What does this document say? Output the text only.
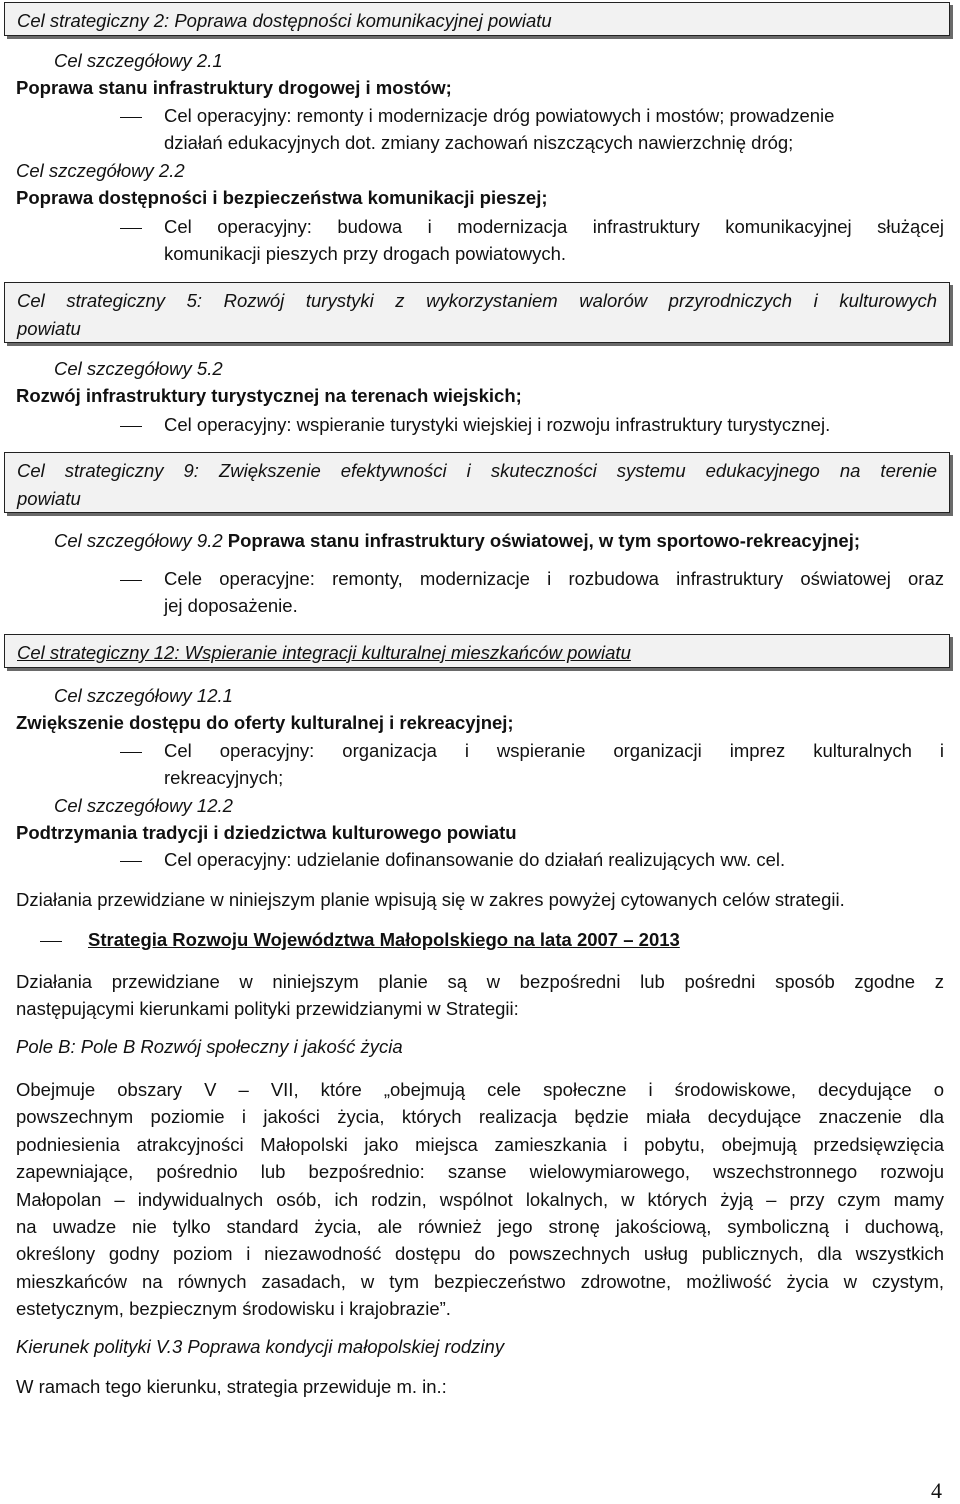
Cel strategiczny 2: Poprawa dostępności komunikacyjnej powiatu
Cel szczegółowy 2.1
Poprawa stanu infrastruktury drogowej i mostów;
Cel operacyjny: remonty i modernizacje dróg powiatowych i mostów; prowadzenie
działań edukacyjnych dot. zmiany zachowań niszczących nawierzchnię dróg;
Cel szczegółowy 2.2
Poprawa dostępności i bezpieczeństwa komunikacji pieszej;
Cel operacyjny: budowa i modernizacja infrastruktury komunikacyjnej służącej
komunikacji pieszych przy drogach powiatowych.

Cel strategiczny 5: Rozwój turystyki z wykorzystaniem walorów przyrodniczych i kulturowych

powiatu

Cel szczegółowy 5.2
Rozwój infrastruktury turystycznej na terenach wiejskich;
Cel operacyjny: wspieranie turystyki wiejskiej i rozwoju infrastruktury turystycznej.

Cel strategiczny 9: Zwiększenie efektywności i skuteczności systemu edukacyjnego na terenie

powiatu

Cel szczegółowy 9.2 Poprawa stanu infrastruktury oświatowej, w tym sportowo-rekreacyjnej;
Cele operacyjne: remonty, modernizacje i rozbudowa infrastruktury oświatowej oraz
jej doposażenie.
Cel strategiczny 12: Wspieranie integracji kulturalnej mieszkańców powiatu
Cel szczegółowy 12.1
Zwiększenie dostępu do oferty kulturalnej i rekreacyjnej;
Cel operacyjny: organizacja i wspieranie organizacji imprez kulturalnych i
rekreacyjnych;
Cel szczegółowy 12.2
Podtrzymania tradycji i dziedzictwa kulturowego powiatu
Cel operacyjny: udzielanie dofinansowanie do działań realizujących ww. cel.
Działania przewidziane w niniejszym planie wpisują się w zakres powyżej cytowanych celów strategii.
Strategia Rozwoju Województwa Małopolskiego na lata 2007 – 2013
Działania przewidziane w niniejszym planie są w bezpośredni lub pośredni sposób zgodne z
następującymi kierunkami polityki przewidzianymi w Strategii:
Pole B: Pole B Rozwój społeczny i jakość życia
Obejmuje obszary V – VII, które „obejmują cele społeczne i środowiskowe, decydujące o
powszechnym poziomie i jakości życia, których realizacja będzie miała decydujące znaczenie dla
podniesienia atrakcyjności Małopolski jako miejsca zamieszkania i pobytu, obejmują przedsięwzięcia
zapewniające, pośrednio lub bezpośrednio: szanse wielowymiarowego, wszechstronnego rozwoju
Małopolan – indywidualnych osób, ich rodzin, wspólnot lokalnych, w których żyją – przy czym mamy
na uwadze nie tylko standard życia, ale również jego stronę jakościową, symboliczną i duchową,
określony godny poziom i niezawodność dostępu do powszechnych usług publicznych, dla wszystkich
mieszkańców na równych zasadach, w tym bezpieczeństwo zdrowotne, możliwość życia w czystym,
estetycznym, bezpiecznym środowisku i krajobrazie”.
Kierunek polityki V.3 Poprawa kondycji małopolskiej rodziny
W ramach tego kierunku, strategia przewiduje m. in.:
4
